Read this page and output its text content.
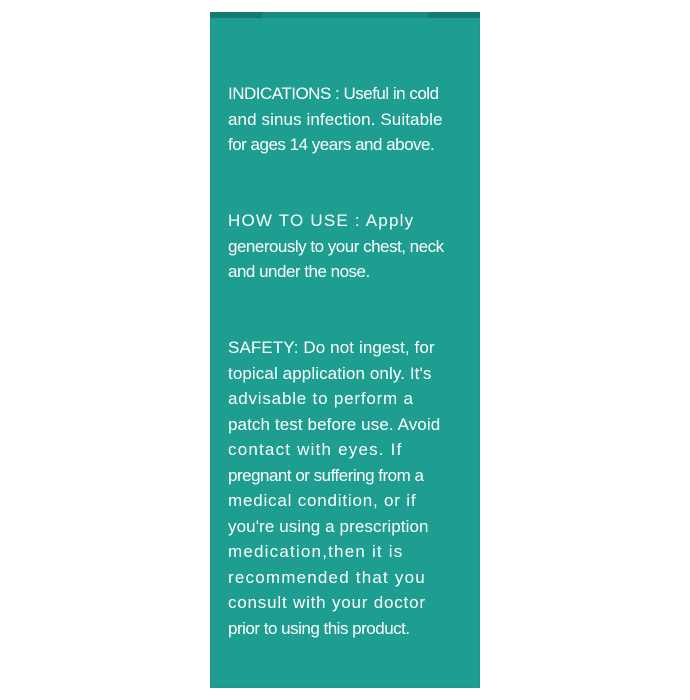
INDICATIONS : Useful in cold
and sinus infection. Suitable
for ages 14 years and above.
HOW TO USE : Apply
generously to your chest, neck
and under the nose.
SAFETY: Do not ingest, for
topical application only. It's
advisable to perform a
patch test before use. Avoid
contact with eyes. If
pregnant or suffering from a
medical condition, or if
you're using a prescription
medication,then it is
recommended that you
consult with your doctor
prior to using this product.
